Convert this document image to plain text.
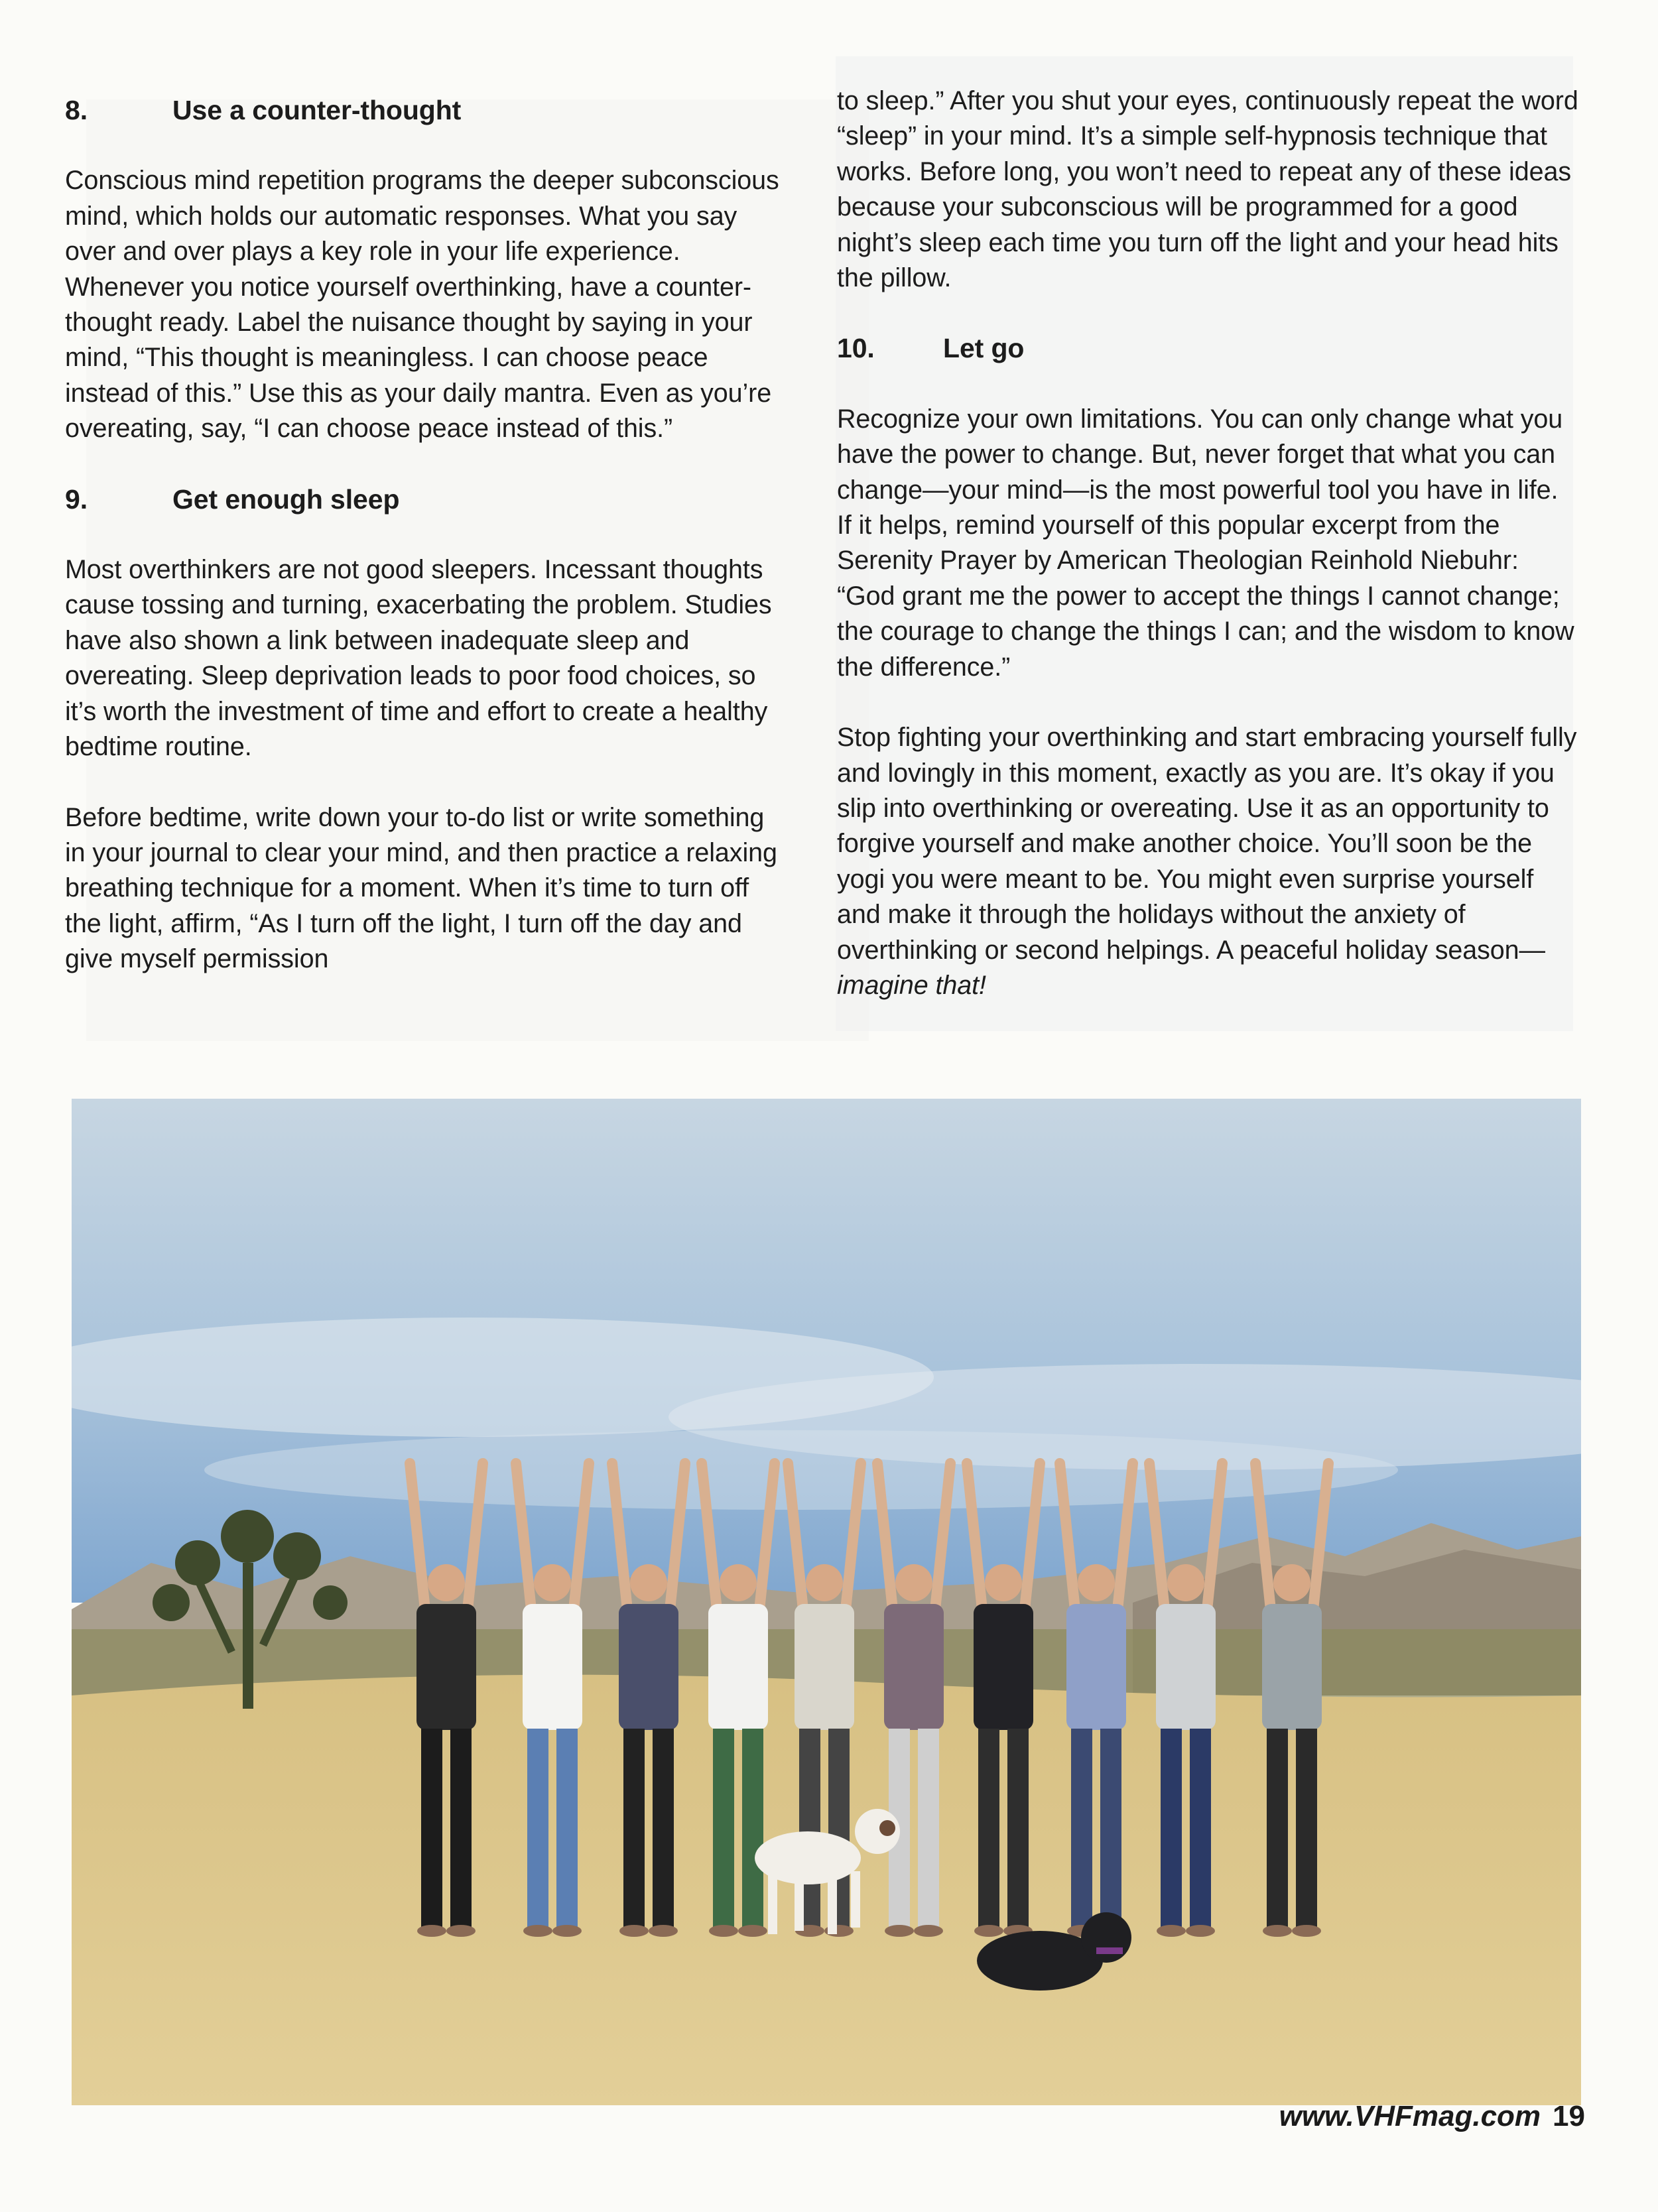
8.	Use a counter-thought

Conscious mind repetition programs the deeper subconscious mind, which holds our automatic responses. What you say over and over plays a key role in your life experience. Whenever you notice yourself overthinking, have a counter-thought ready. Label the nuisance thought by saying in your mind, “This thought is meaningless. I can choose peace instead of this.” Use this as your daily mantra. Even as you’re overeating, say, “I can choose peace instead of this.”

9.	Get enough sleep

Most overthinkers are not good sleepers. Incessant thoughts cause tossing and turning, exacerbating the problem. Studies have also shown a link between inadequate sleep and overeating. Sleep deprivation leads to poor food choices, so it’s worth the investment of time and effort to create a healthy bedtime routine.

Before bedtime, write down your to-do list or write something in your journal to clear your mind, and then practice a relaxing breathing technique for a moment. When it’s time to turn off the light, affirm, “As I turn off the light, I turn off the day and give myself permission

to sleep.” After you shut your eyes, continuously repeat the word “sleep” in your mind. It’s a simple self-hypnosis technique that works. Before long, you won’t need to repeat any of these ideas because your subconscious will be programmed for a good night’s sleep each time you turn off the light and your head hits the pillow.

10.	Let go

Recognize your own limitations. You can only change what you have the power to change. But, never forget that what you can change—your mind—is the most powerful tool you have in life. If it helps, remind yourself of this popular excerpt from the Serenity Prayer by American Theologian Reinhold Niebuhr: “God grant me the power to accept the things I cannot change; the courage to change the things I can; and the wisdom to know the difference.”

Stop fighting your overthinking and start embracing yourself fully and lovingly in this moment, exactly as you are. It’s okay if you slip into overthinking or overeating. Use it as an opportunity to forgive yourself and make another choice. You’ll soon be the yogi you were meant to be. You might even surprise yourself and make it through the holidays without the anxiety of overthinking or second helpings. A peaceful holiday season—imagine that!

www.VHFmag.com 19
